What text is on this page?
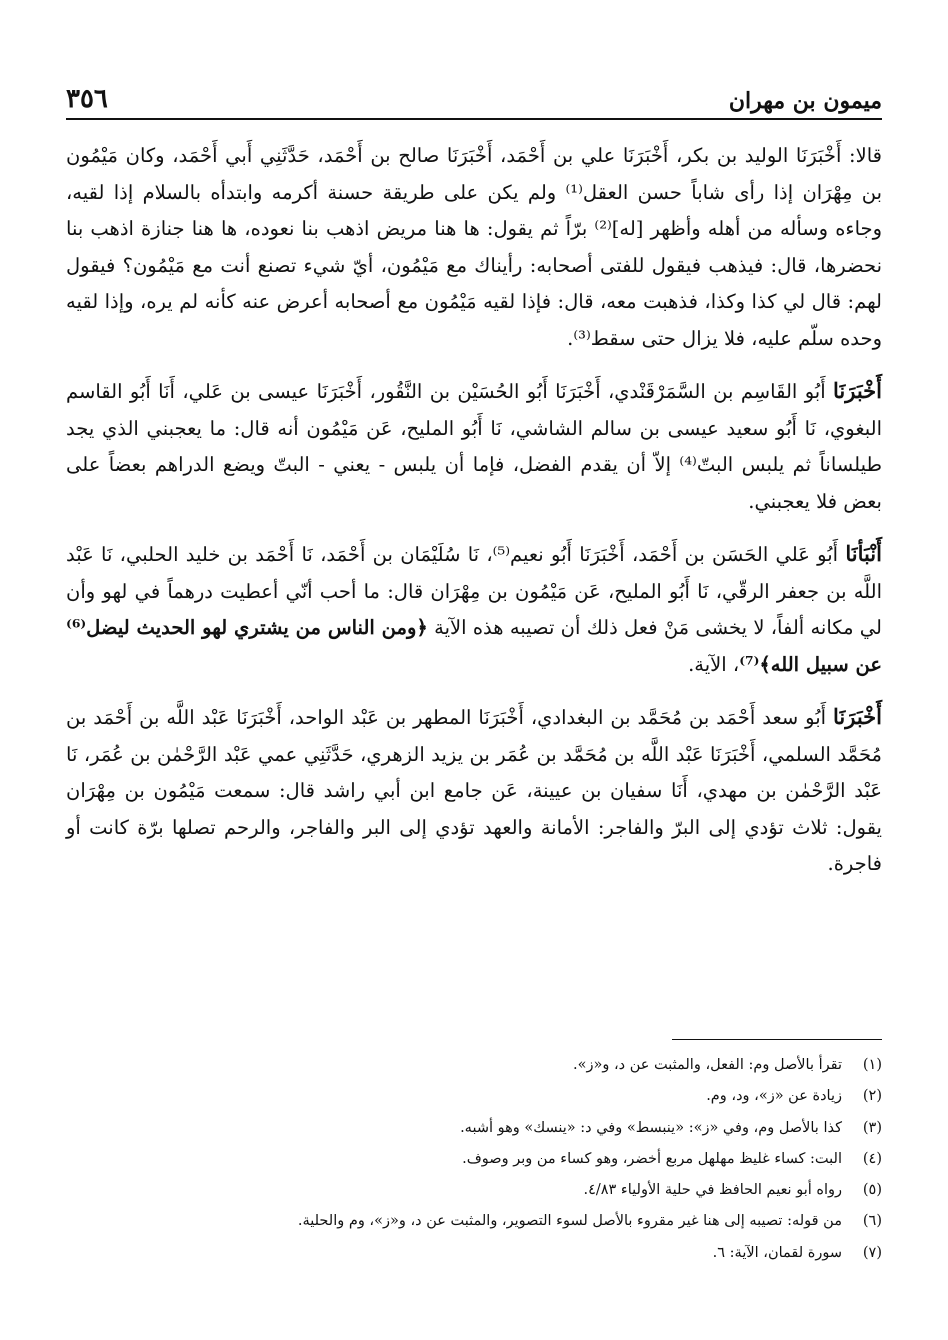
ميمون بن مهران
٣٥٦

قالا: أَخْبَرَنَا الوليد بن بكر، أَخْبَرَنَا علي بن أَحْمَد، أَخْبَرَنَا صالح بن أَحْمَد، حَدَّثَنِي أَبي أَحْمَد، وكان مَيْمُون بن مِهْرَان إذا رأى شاباً حسن العقل⁽¹⁾ ولم يكن على طريقة حسنة أكرمه وابتدأه بالسلام إذا لقيه، وجاءه وسأله من أهله وأظهر [له]⁽²⁾ برّاً ثم يقول: ها هنا مريض اذهب بنا نعوده، ها هنا جنازة اذهب بنا نحضرها، قال: فيذهب فيقول للفتى أصحابه: رأيناك مع مَيْمُون، أيّ شيء تصنع أنت مع مَيْمُون؟ فيقول لهم: قال لي كذا وكذا، فذهبت معه، قال: فإذا لقيه مَيْمُون مع أصحابه أعرض عنه كأنه لم يره، وإذا لقيه وحده سلّم عليه، فلا يزال حتى سقط⁽³⁾.

أَخْبَرَنَا أَبُو القَاسِم بن السَّمَرْقَنْدي، أَخْبَرَنَا أَبُو الحُسَيْن بن النَّقُور، أَخْبَرَنَا عيسى بن عَلي، أَنَا أَبُو القاسم البغوي، نَا أَبُو سعيد عيسى بن سالم الشاشي، نَا أَبُو المليح، عَن مَيْمُون أنه قال: ما يعجبني الذي يجد طيلساناً ثم يلبس البتّ⁽⁴⁾ إلاّ أن يقدم الفضل، فإما أن يلبس - يعني - البتّ ويضع الدراهم بعضاً على بعض فلا يعجبني.

أَنْبَأنَا أَبُو عَلي الحَسَن بن أَحْمَد، أَخْبَرَنَا أَبُو نعيم⁽⁵⁾، نَا سُلَيْمَان بن أَحْمَد، نَا أَحْمَد بن خليد الحلبي، نَا عَبْد اللَّه بن جعفر الرقّي، نَا أَبُو المليح، عَن مَيْمُون بن مِهْرَان قال: ما أحب أنّي أعطيت درهماً في لهو وأن لي مكانه ألفاً، لا يخشى مَنْ فعل ذلك أن تصيبه هذه الآية ﴿ومن الناس من يشتري لهو الحديث ليضل⁽⁶⁾ عن سبيل الله﴾⁽⁷⁾، الآية.

أَخْبَرَنَا أَبُو سعد أَحْمَد بن مُحَمَّد بن البغدادي، أَخْبَرَنَا المطهر بن عَبْد الواحد، أَخْبَرَنَا عَبْد اللَّه بن أَحْمَد بن مُحَمَّد السلمي، أَخْبَرَنَا عَبْد اللَّه بن مُحَمَّد بن عُمَر بن يزيد الزهري، حَدَّثَنِي عمي عَبْد الرَّحْمٰن بن عُمَر، نَا عَبْد الرَّحْمٰن بن مهدي، أَنَا سفيان بن عيينة، عَن جامع ابن أبي راشد قال: سمعت مَيْمُون بن مِهْرَان يقول: ثلاث تؤدي إلى البرّ والفاجر: الأمانة والعهد تؤدي إلى البر والفاجر، والرحم تصلها برّة كانت أو فاجرة.

(١)
تقرأ بالأصل وم: الفعل، والمثبت عن د، و«ز».
(٢)
زيادة عن «ز»، ود، وم.
(٣)
كذا بالأصل وم، وفي «ز»: «ينبسط» وفي د: «ينسك» وهو أشبه.
(٤)
البت: كساء غليظ مهلهل مربع أخضر، وهو كساء من وبر وصوف.
(٥)
رواه أبو نعيم الحافظ في حلية الأولياء ٤/٨٣.
(٦)
من قوله: تصيبه إلى هنا غير مقروء بالأصل لسوء التصوير، والمثبت عن د، و«ز»، وم والحلية.
(٧)
سورة لقمان، الآية: ٦.
